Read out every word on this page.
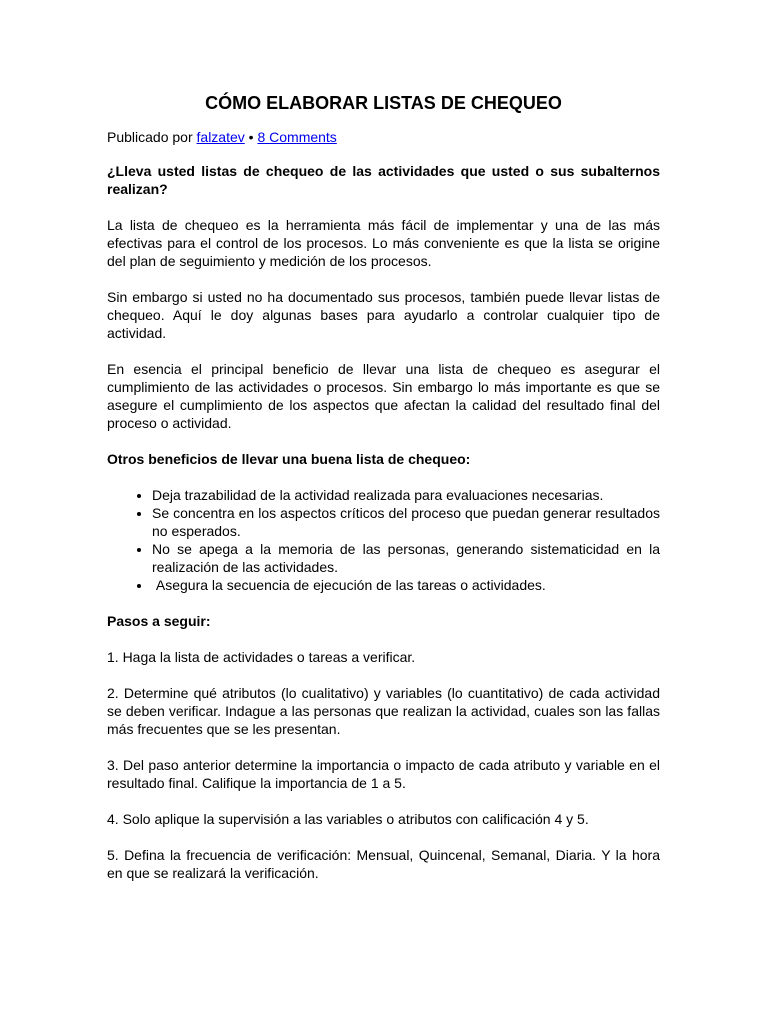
CÓMO ELABORAR LISTAS DE CHEQUEO
Publicado por falzatev • 8 Comments

¿Lleva usted listas de chequeo de las actividades que usted o sus subalternos realizan?

La lista de chequeo es la herramienta más fácil de implementar y una de las más efectivas para el control de los procesos. Lo más conveniente es que la lista se origine del plan de seguimiento y medición de los procesos.

Sin embargo si usted no ha documentado sus procesos, también puede llevar listas de chequeo. Aquí le doy algunas bases para ayudarlo a controlar cualquier tipo de actividad.

En esencia el principal beneficio de llevar una lista de chequeo es asegurar el cumplimiento de las actividades o procesos. Sin embargo lo más importante es que se asegure el cumplimiento de los aspectos que afectan la calidad del resultado final del proceso o actividad.

Otros beneficios de llevar una buena lista de chequeo:

• Deja trazabilidad de la actividad realizada para evaluaciones necesarias.
• Se concentra en los aspectos críticos del proceso que puedan generar resultados no esperados.
• No se apega a la memoria de las personas, generando sistematicidad en la realización de las actividades.
•  Asegura la secuencia de ejecución de las tareas o actividades.

Pasos a seguir:

1. Haga la lista de actividades o tareas a verificar.

2. Determine qué atributos (lo cualitativo) y variables (lo cuantitativo) de cada actividad se deben verificar. Indague a las personas que realizan la actividad, cuales son las fallas más frecuentes que se les presentan.

3. Del paso anterior determine la importancia o impacto de cada atributo y variable en el resultado final. Califique la importancia de 1 a 5.

4. Solo aplique la supervisión a las variables o atributos con calificación 4 y 5.

5. Defina la frecuencia de verificación: Mensual, Quincenal, Semanal, Diaria. Y la hora en que se realizará la verificación.
